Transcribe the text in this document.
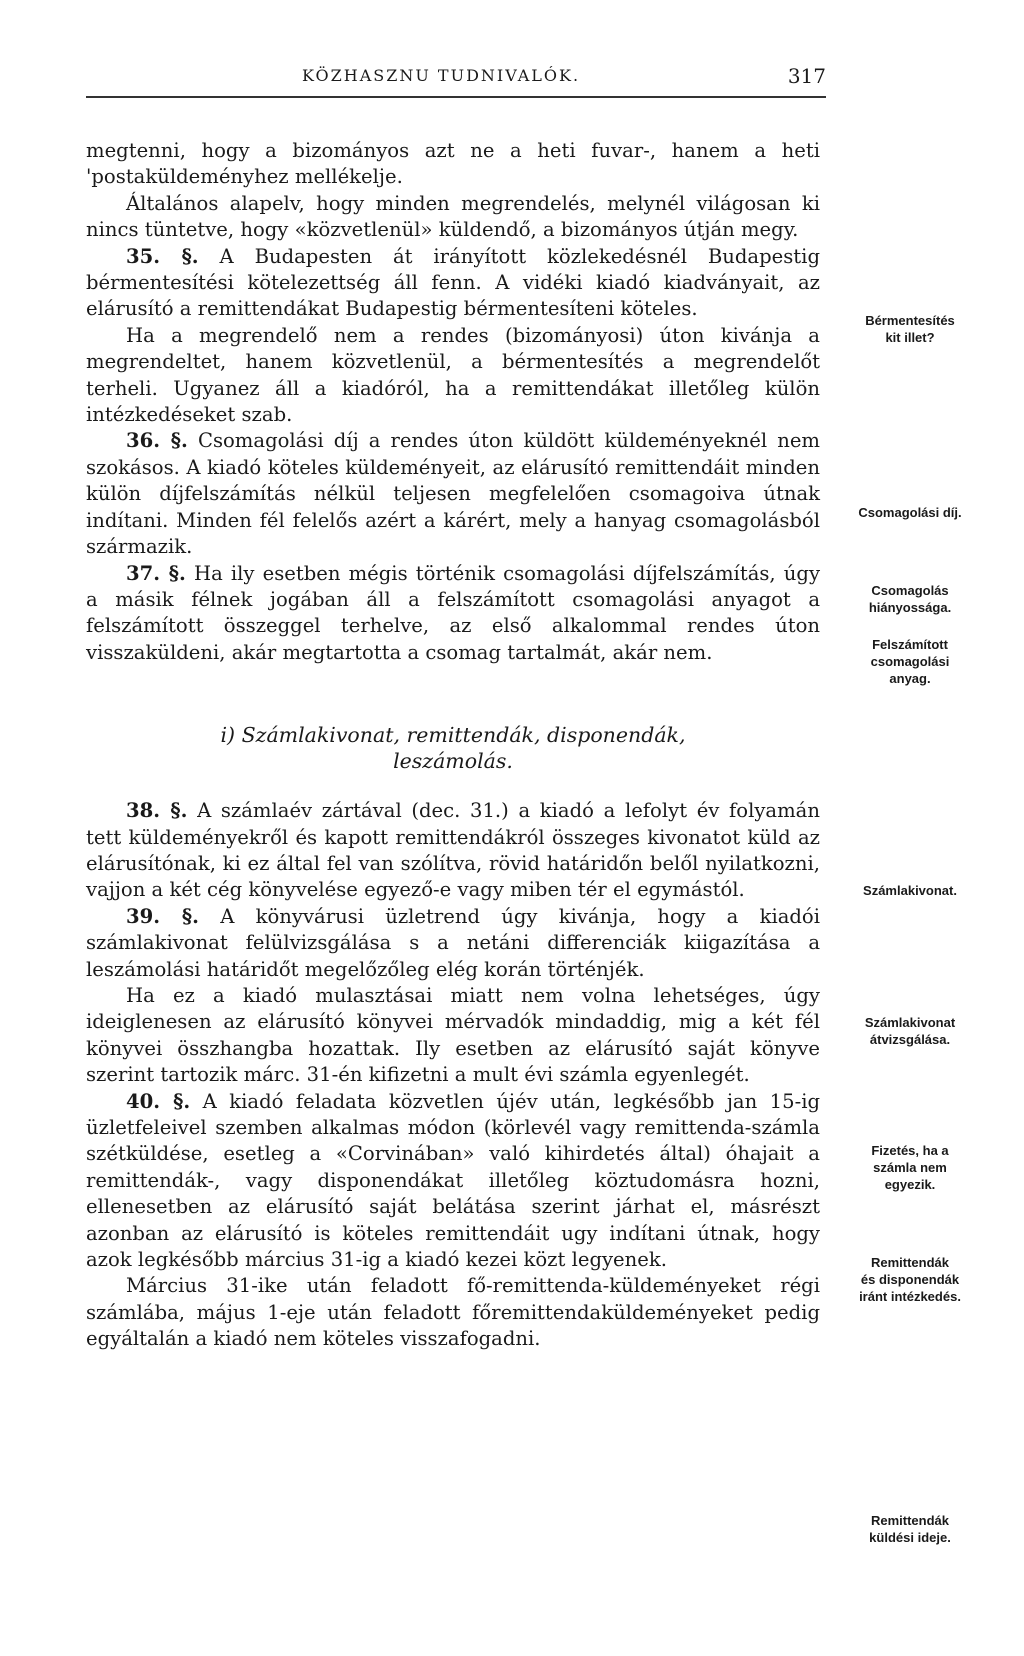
KÖZHASZNU TUDNIVALÓK.	317

megtenni, hogy a bizományos azt ne a heti fuvar-, hanem a heti 'postaküldeményhez mellékelje.

Általános alapelv, hogy minden megrendelés, melynél világosan ki nincs tüntetve, hogy «közvetlenül» küldendő, a bizományos útján megy.

35. §. A Budapesten át irányított közlekedésnél Budapestig bérmentesítési kötelezettség áll fenn. A vidéki kiadó kiadványait, az elárusító a remittendákat Budapestig bérmentesíteni köteles.

Ha a megrendelő nem a rendes (bizományosi) úton kivánja a megrendeltet, hanem közvetlenül, a bérmentesítés a megrendelőt terheli. Ugyanez áll a kiadóról, ha a remittendákat illetőleg külön intézkedéseket szab.

36. §. Csomagolási díj a rendes úton küldött küldeményeknél nem szokásos. A kiadó köteles küldeményeit, az elárusító remittendáit minden külön díjfelszámítás nélkül teljesen megfelelően csomagoiva útnak indítani. Minden fél felelős azért a kárért, mely a hanyag csomagolásból származik.

37. §. Ha ily esetben mégis történik csomagolási díjfelszámítás, úgy a másik félnek jogában áll a felszámított csomagolási anyagot a felszámított összeggel terhelve, az első alkalommal rendes úton visszaküldeni, akár megtartotta a csomag tartalmát, akár nem.

i) Számlakivonat, remittendák, disponendák,
leszámolás.

38. §. A számlaév zártával (dec. 31.) a kiadó a lefolyt év folyamán tett küldeményekről és kapott remittendákról összeges kivonatot küld az elárusítónak, ki ez által fel van szólítva, rövid határidőn belől nyilatkozni, vajjon a két cég könyvelése egyező-e vagy miben tér el egymástól.

39. §. A könyvárusi üzletrend úgy kivánja, hogy a kiadói számlakivonat felülvizsgálása s a netáni differenciák kiigazítása a leszámolási határidőt megelőzőleg elég korán történjék.

Ha ez a kiadó mulasztásai miatt nem volna lehetséges, úgy ideiglenesen az elárusító könyvei mérvadók mindaddig, mig a két fél könyvei összhangba hozattak. Ily esetben az elárusító saját könyve szerint tartozik márc. 31-én kifizetni a mult évi számla egyenlegét.

40. §. A kiadó feladata közvetlen újév után, legkésőbb jan 15-ig üzletfeleivel szemben alkalmas módon (körlevél vagy remittenda-számla szétküldése, esetleg a «Corvinában» való kihirdetés által) óhajait a remittendák-, vagy disponendákat illetőleg köztudomásra hozni, ellenesetben az elárusító saját belátása szerint járhat el, másrészt azonban az elárusító is köteles remittendáit ugy indítani útnak, hogy azok legkésőbb március 31-ig a kiadó kezei közt legyenek.

Március 31-ike után feladott fő-remittenda-küldeményeket régi számlába, május 1-eje után feladott főremittendaküldeményeket pedig egyáltalán a kiadó nem köteles visszafogadni.

Bérmentesítés
kit illet?
Csomagolási díj.
Csomagolás
hiányossága.
Felszámított
csomagolási
anyag.
Számlakivonat.
Számlakivonat
átvizsgálása.
Fizetés, ha a
számla nem
egyezik.
Remittendák
és disponendák
iránt intézkedés.
Remittendák
küldési ideje.
